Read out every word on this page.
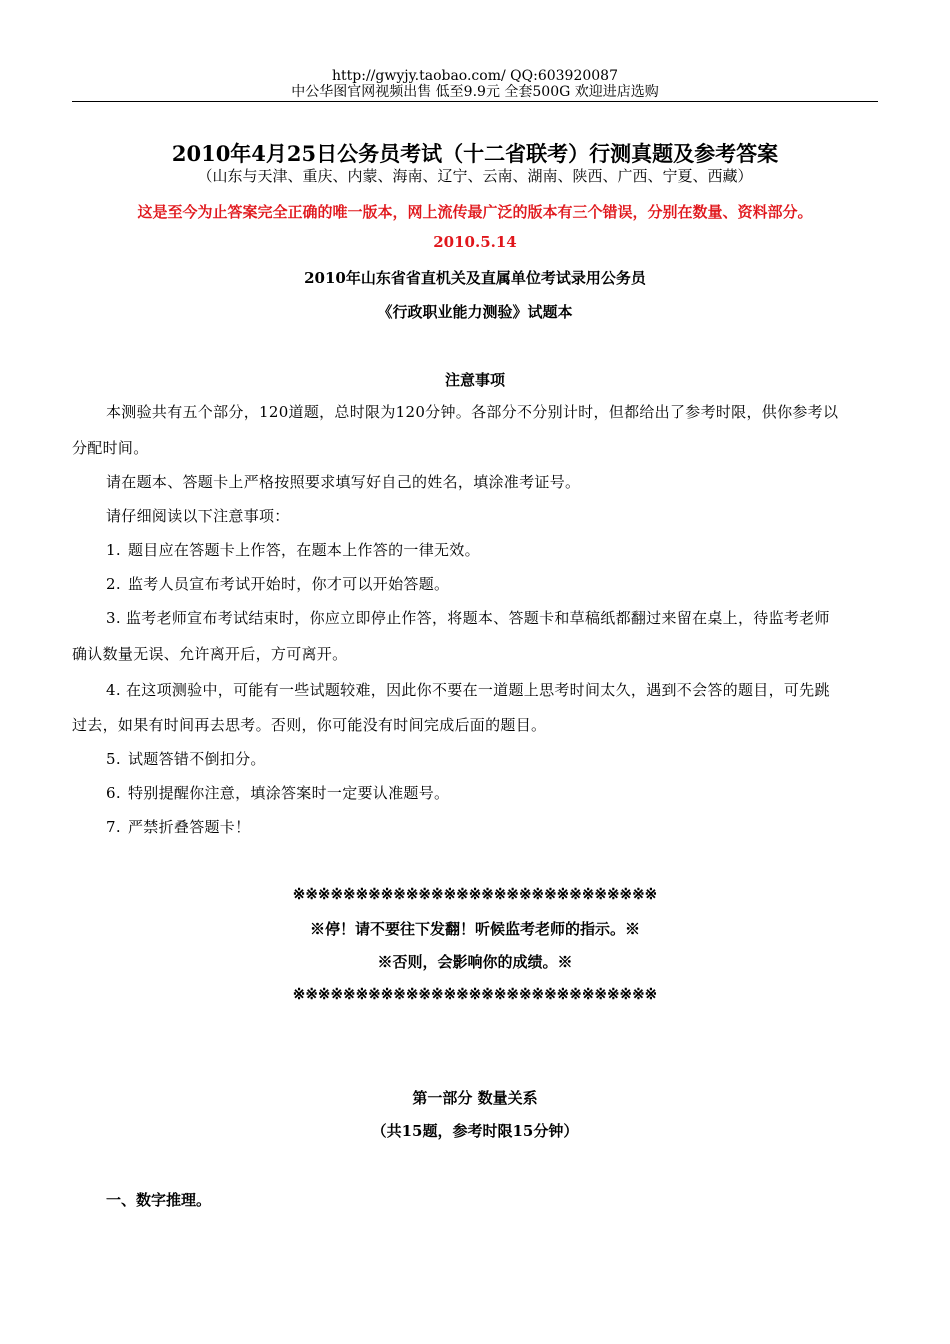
http://gwyjy.taobao.com/ QQ:603920087
中公华图官网视频出售 低至9.9元 全套500G 欢迎进店选购
2010年4月25日公务员考试（十二省联考）行测真题及参考答案
（山东与天津、重庆、内蒙、海南、辽宁、云南、湖南、陕西、广西、宁夏、西藏）
这是至今为止答案完全正确的唯一版本，网上流传最广泛的版本有三个错误，分别在数量、资料部分。
2010.5.14
2010年山东省省直机关及直属单位考试录用公务员
《行政职业能力测验》试题本
注意事项
本测验共有五个部分，120道题，总时限为120分钟。各部分不分别计时，但都给出了参考时限，供你参考以
分配时间。
请在题本、答题卡上严格按照要求填写好自己的姓名，填涂准考证号。
请仔细阅读以下注意事项：
1. 题目应在答题卡上作答，在题本上作答的一律无效。
2. 监考人员宣布考试开始时，你才可以开始答题。
3. 监考老师宣布考试结束时，你应立即停止作答，将题本、答题卡和草稿纸都翻过来留在桌上，待监考老师
确认数量无误、允许离开后，方可离开。
4. 在这项测验中，可能有一些试题较难，因此你不要在一道题上思考时间太久，遇到不会答的题目，可先跳
过去，如果有时间再去思考。否则，你可能没有时间完成后面的题目。
5. 试题答错不倒扣分。
6. 特别提醒你注意，填涂答案时一定要认准题号。
7. 严禁折叠答题卡！
※※※※※※※※※※※※※※※※※※※※※※※※※※※※※
※停！请不要往下发翻！听候监考老师的指示。※
※否则，会影响你的成绩。※
※※※※※※※※※※※※※※※※※※※※※※※※※※※※※
第一部分 数量关系
（共15题，参考时限15分钟）
一、数字推理。
